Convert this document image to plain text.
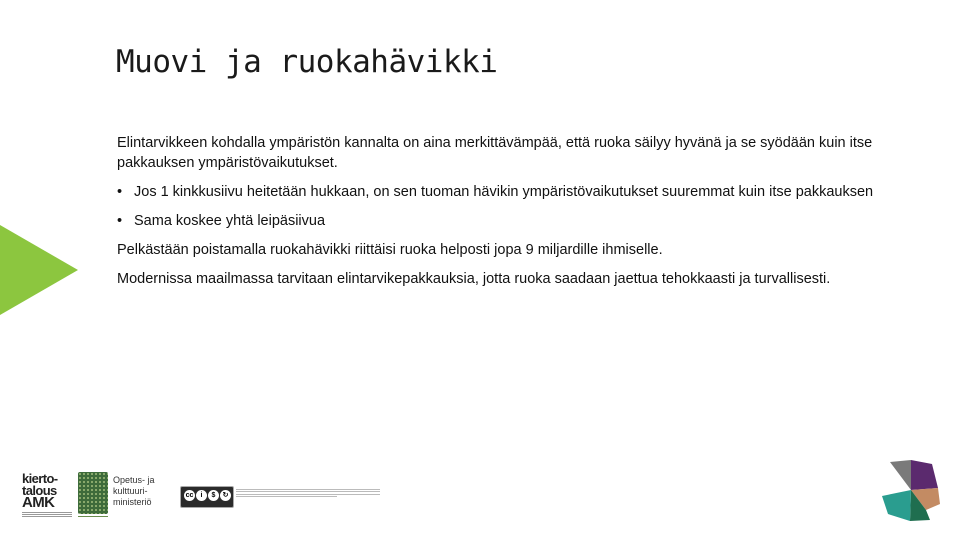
Muovi ja ruokahävikki

Elintarvikkeen kohdalla ympäristön kannalta on aina merkittävämpää, että ruoka säilyy hyvänä ja se syödään kuin itse pakkauksen ympäristövaikutukset.

• Jos 1 kinkkusiivu heitetään hukkaan, on sen tuoman hävikin ympäristövaikutukset suuremmat kuin itse pakkauksen
• Sama koskee yhtä leipäsiivua

Pelkästään poistamalla ruokahävikki riittäisi ruoka helposti jopa 9 miljardille ihmiselle.

Modernissa maailmassa tarvitaan elintarvikepakkauksia, jotta ruoka saadaan jaettua tehokkaasti ja turvallisesti.

kierto-
talous
AMK
Opetus- ja
kulttuuri-
ministeriö
cc	i	$	↻
